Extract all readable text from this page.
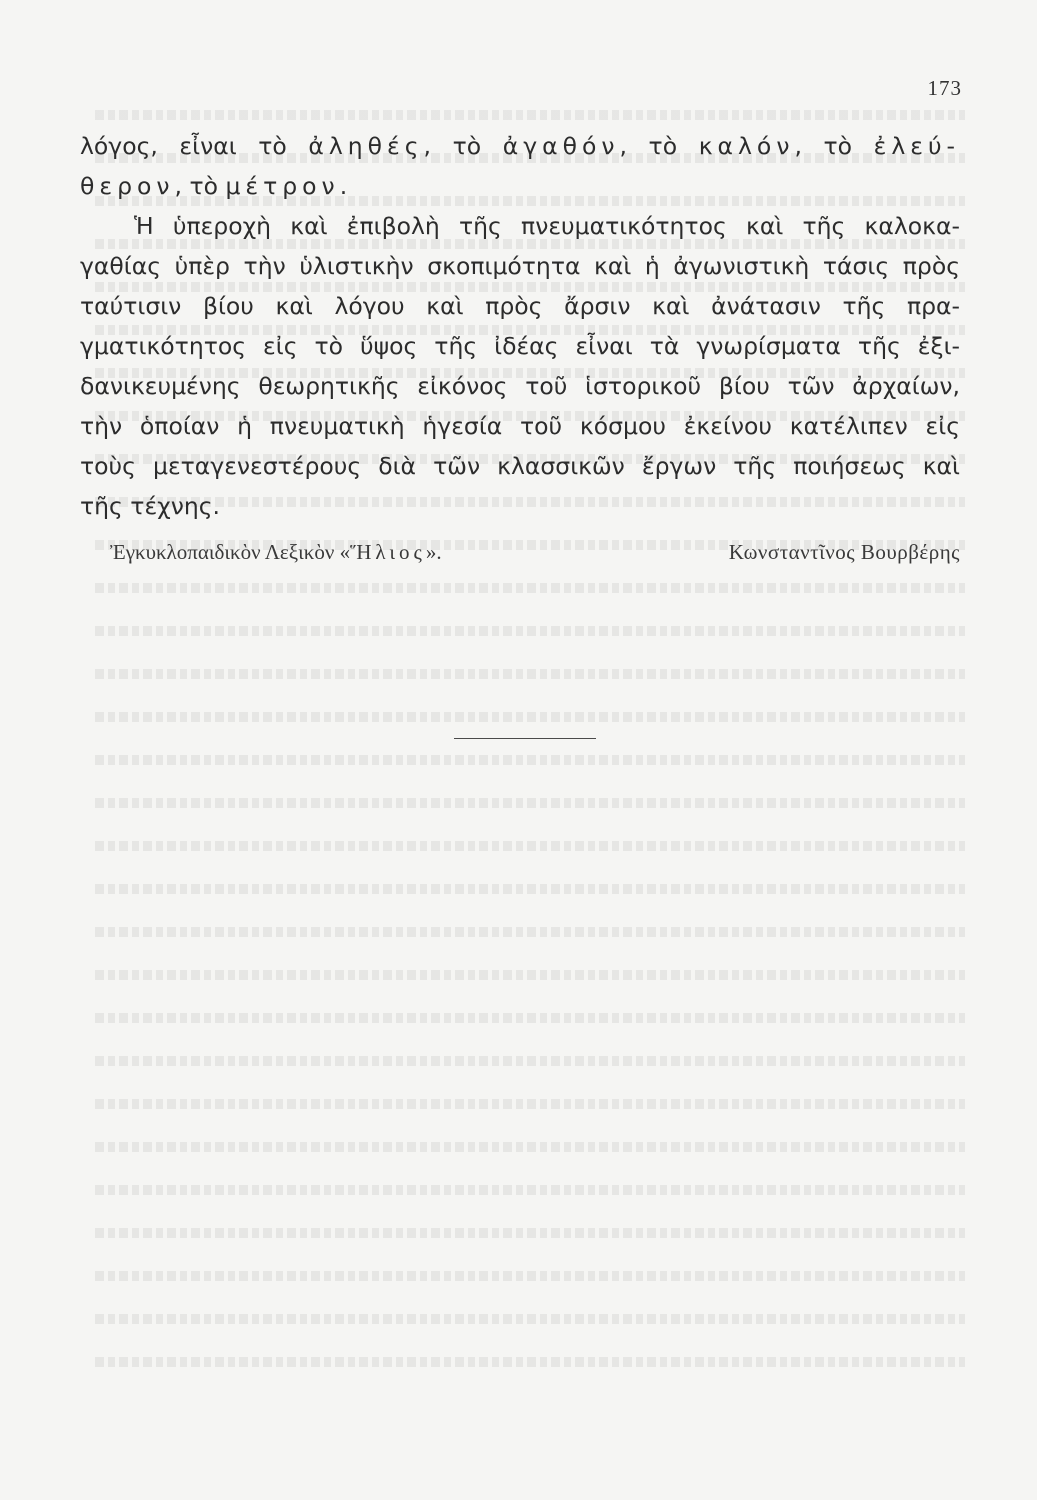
173
λόγος, εἶναι τὸ ἀληθές, τὸ ἀγαθόν, τὸ καλόν, τὸ ἐλεύ-
θερον, τὸ μέτρον.
Ἡ ὑπεροχὴ καὶ ἐπιβολὴ τῆς πνευματικότητος καὶ τῆς καλοκα-
γαθίας ὑπὲρ τὴν ὑλιστικὴν σκοπιμότητα καὶ ἡ ἀγωνιστικὴ τάσις πρὸς
ταύτισιν βίου καὶ λόγου καὶ πρὸς ἄρσιν καὶ ἀνάτασιν τῆς πρα-
γματικότητος εἰς τὸ ὕψος τῆς ἰδέας εἶναι τὰ γνωρίσματα τῆς ἐξι-
δανικευμένης θεωρητικῆς εἰκόνος τοῦ ἱστορικοῦ βίου τῶν ἀρχαίων,
τὴν ὁποίαν ἡ πνευματικὴ ἡγεσία τοῦ κόσμου ἐκείνου κατέλιπεν εἰς
τοὺς μεταγενεστέρους διὰ τῶν κλασσικῶν ἔργων τῆς ποιήσεως καὶ
τῆς τέχνης.
Ἐγκυκλοπαιδικὸν Λεξικὸν «Ἥλιος».	Κωνσταντῖνος Βουρβέρης
